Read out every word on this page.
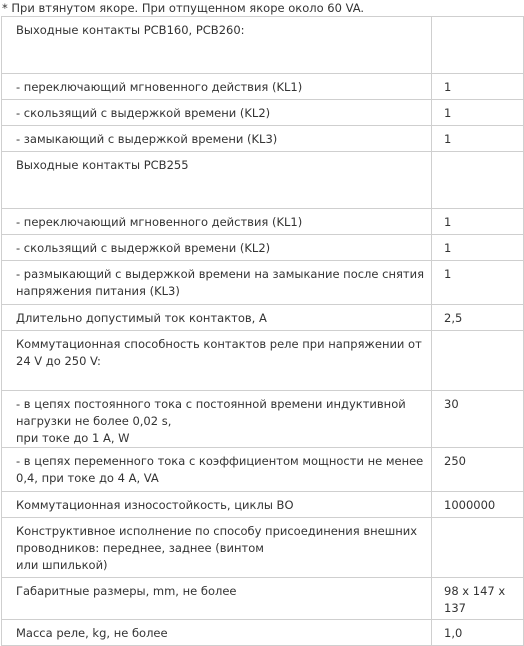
* При втянутом якоре. При отпущенном якоре около 60 VA.
Выходные контакты РСВ160, РСВ260:	
- переключающий мгновенного действия (KL1)	1
- скользящий с выдержкой времени (KL2)	1
- замыкающий с выдержкой времени (KL3)	1
Выходные контакты РСВ255	
- переключающий мгновенного действия (KL1)	1
- скользящий с выдержкой времени (KL2)	1
- размыкающий с выдержкой времени на замыкание после снятия напряжения питания (KL3)	1
Длительно допустимый ток контактов, А	2,5
Коммутационная способность контактов реле при напряжении от 24 V до 250 V:	

- в цепях постоянного тока с постоянной времени индуктивной нагрузки не более 0,02 s,
при токе до 1 А, W	30
- в цепях переменного тока с коэффициентом мощности не менее 0,4, при токе до 4 А, VA	250
Коммутационная износостойкость, циклы ВО	1000000

Конструктивное исполнение по способу присоединения внешних проводников: переднее, заднее (винтом
или шпилькой)	

Габаритные размеры, mm, не более	98 х 147 х 137
Масса реле, kg, не более	1,0
